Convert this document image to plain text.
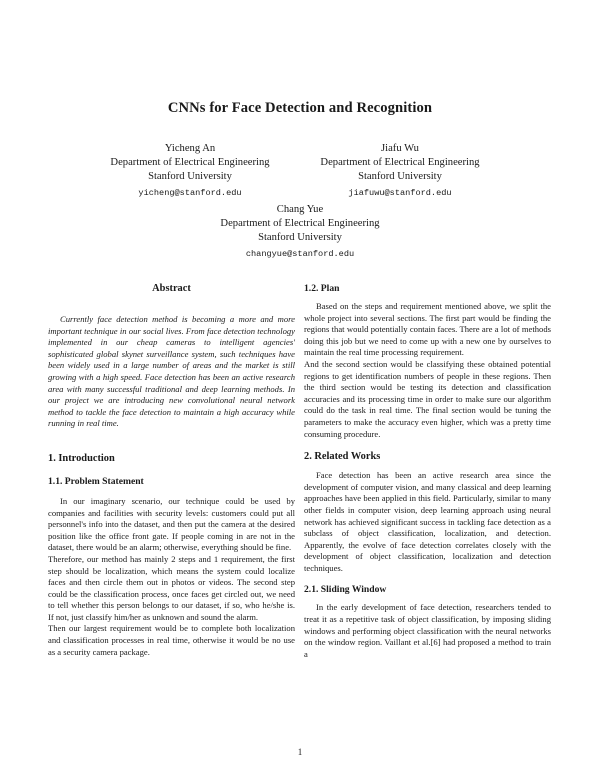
CNNs for Face Detection and Recognition
Yicheng An
Department of Electrical Engineering
Stanford University
yicheng@stanford.edu
Jiafu Wu
Department of Electrical Engineering
Stanford University
jiafuwu@stanford.edu
Chang Yue
Department of Electrical Engineering
Stanford University
changyue@stanford.edu
Abstract

Currently face detection method is becoming a more and more important technique in our social lives. From face detection technology implemented in our cheap cameras to intelligent agencies' sophisticated global skynet surveillance system, such techniques have been widely used in a large number of areas and the market is still growing with a high speed. Face detection has been an active research area with many successful traditional and deep learning methods. In our project we are introducing new convolutional neural network method to tackle the face detection to maintain a high accuracy while running in real time.

1. Introduction
1.1. Problem Statement

In our imaginary scenario, our technique could be used by companies and facilities with security levels: customers could put all personnel's info into the dataset, and then put the camera at the desired position like the office front gate. If people coming in are not in the dataset, there would be an alarm; otherwise, everything should be fine.

Therefore, our method has mainly 2 steps and 1 requirement, the first step should be localization, which means the system could localize faces and then circle them out in photos or videos. The second step could be the classification process, once faces get circled out, we need to tell whether this person belongs to our dataset, if so, who he/she is. If not, just classify him/her as unknown and sound the alarm.

Then our largest requirement would be to complete both localization and classification processes in real time, otherwise it would be no use as a security camera package.

1.2. Plan

Based on the steps and requirement mentioned above, we split the whole project into several sections. The first part would be finding the regions that would potentially contain faces. There are a lot of methods doing this job but we need to come up with a new one by ourselves to maintain the real time processing requirement.

And the second section would be classifying these obtained potential regions to get identification numbers of people in these regions. Then the third section would be testing its detection and classification accuracies and its processing time in order to make sure our algorithm could do the task in real time. The final section would be tuning the parameters to make the accuracy even higher, which was a pretty time consuming procedure.

2. Related Works

Face detection has been an active research area since the development of computer vision, and many classical and deep learning approaches have been applied in this field. Particularly, similar to many other fields in computer vision, deep learning approach using neural network has achieved significant success in tackling face detection as a subclass of object classification, localization, and detection. Apparently, the evolve of face detection correlates closely with the development of object classification, localization and detection techniques.

2.1. Sliding Window

In the early development of face detection, researchers tended to treat it as a repetitive task of object classification, by imposing sliding windows and performing object classification with the neural networks on the window region. Vaillant et al.[6] had proposed a method to train a

1
